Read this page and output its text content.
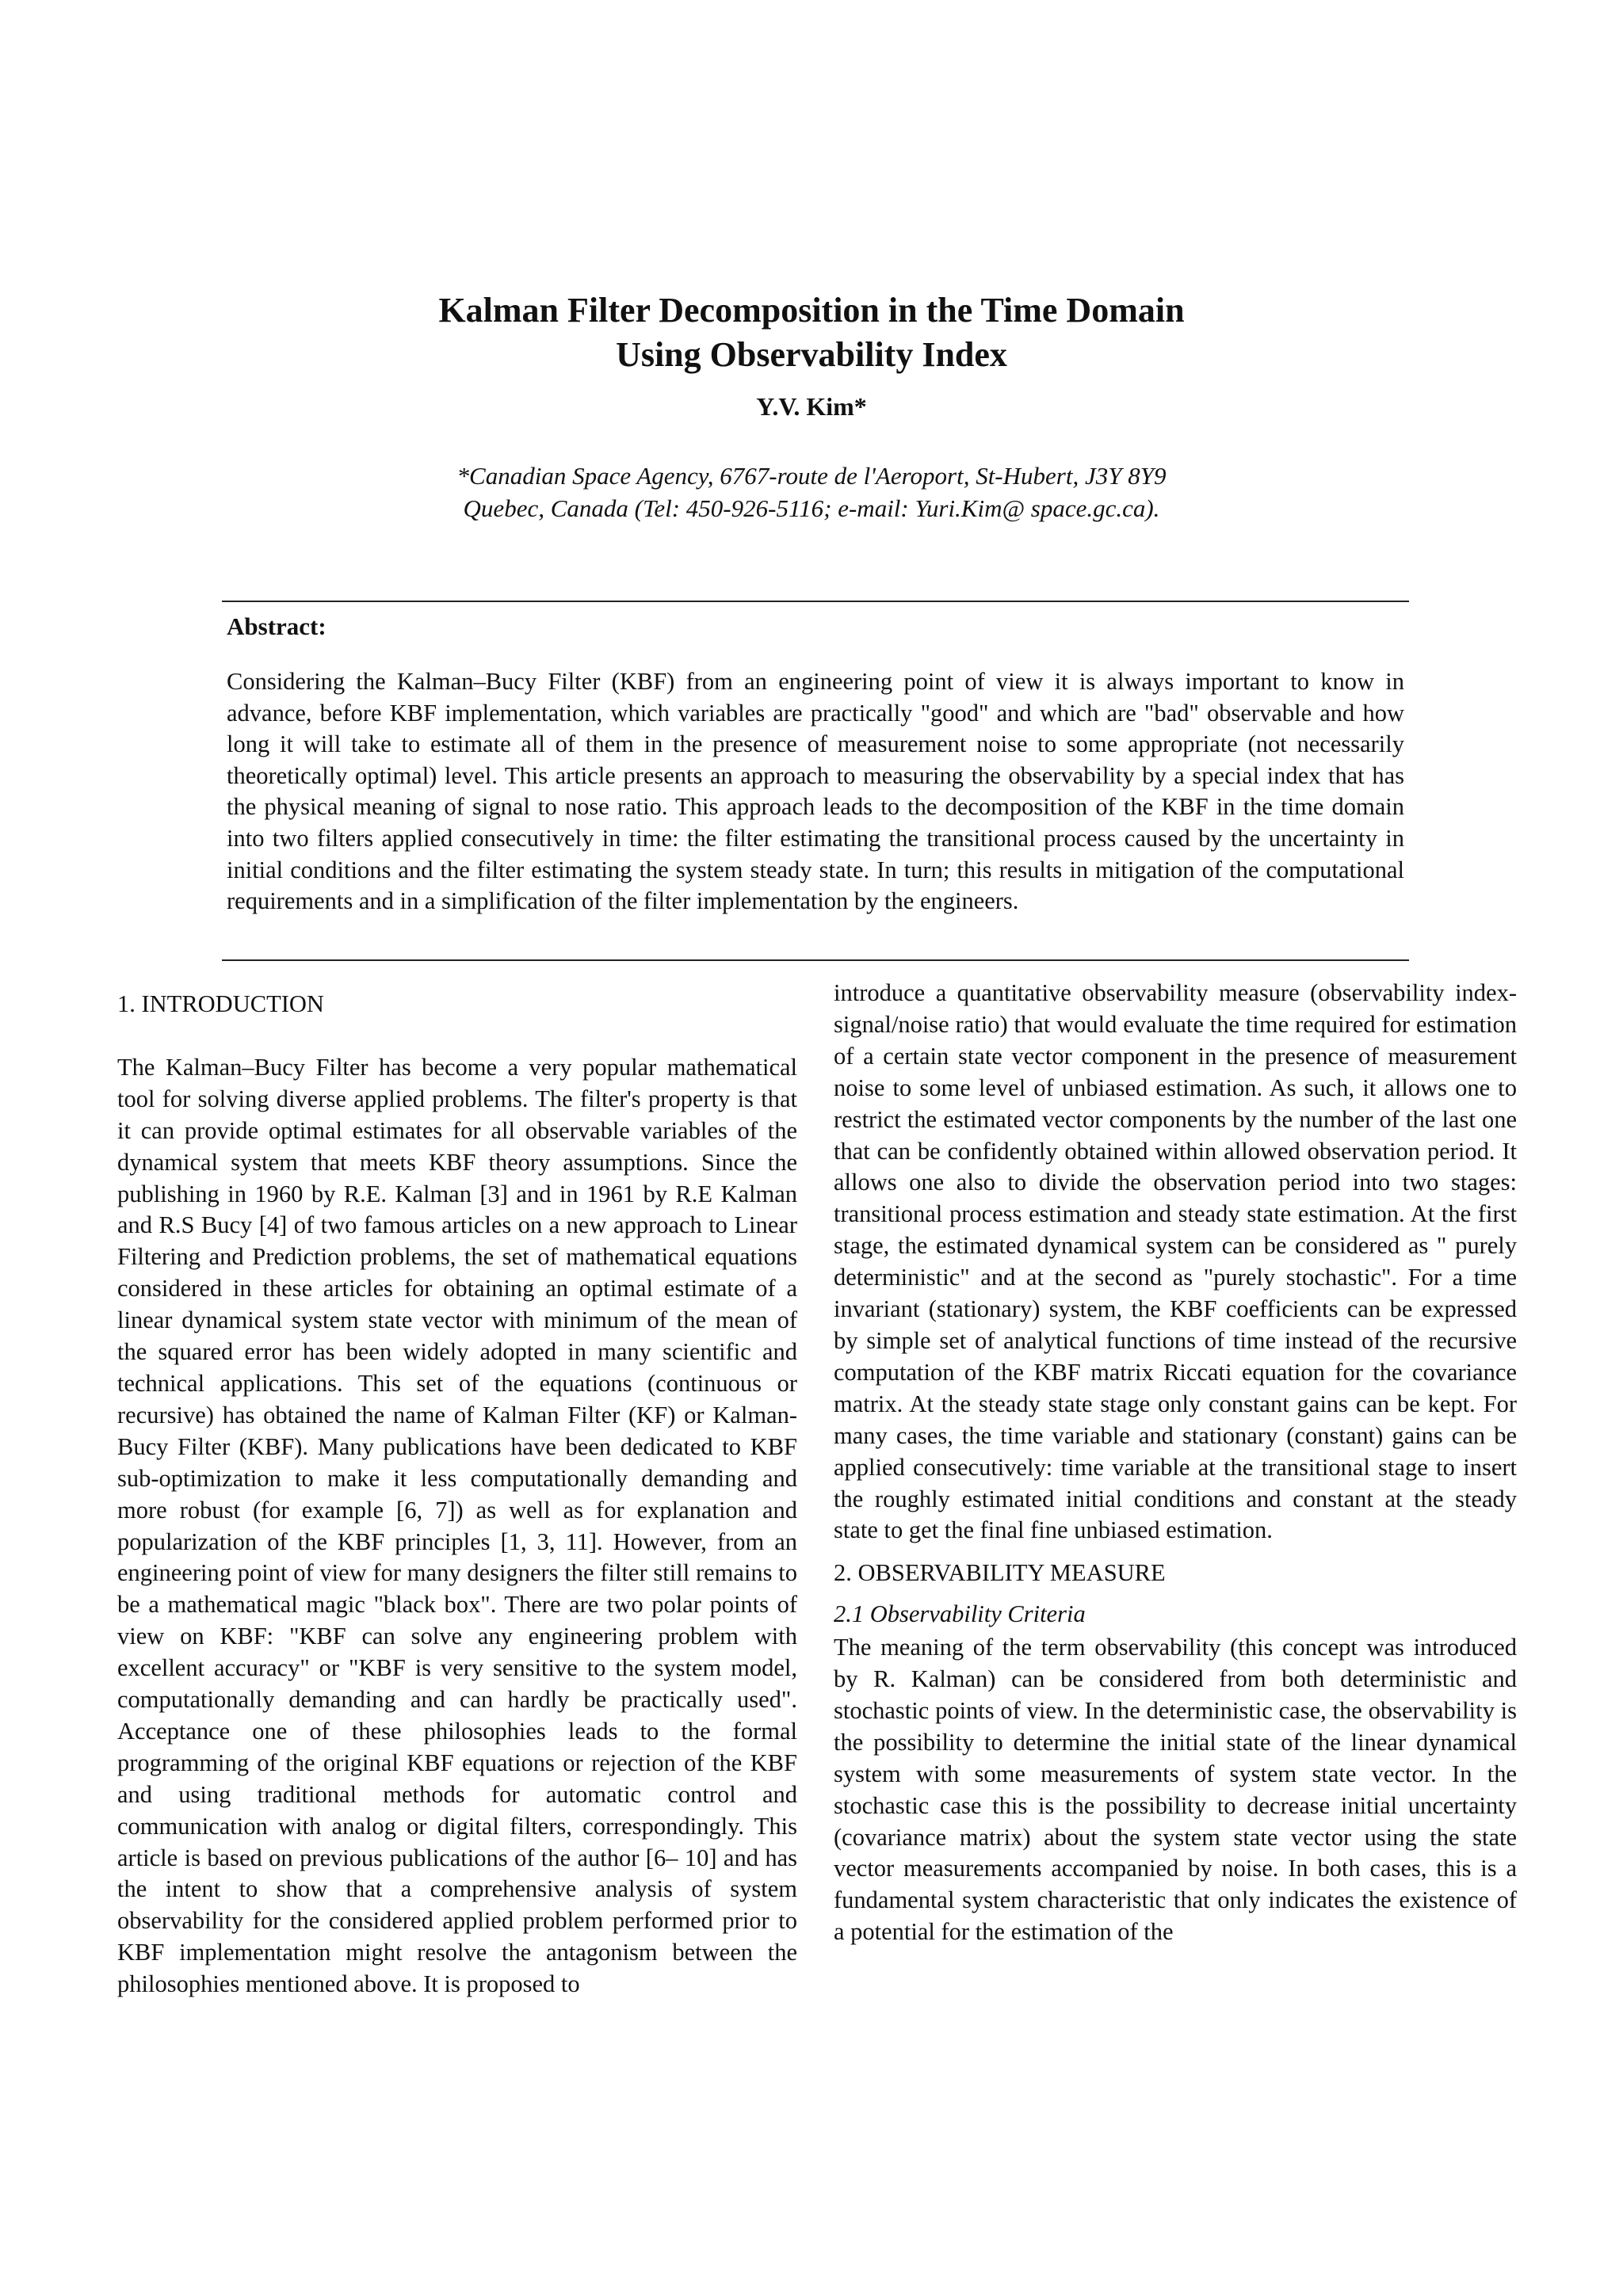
Kalman Filter Decomposition in the Time Domain
Using Observability Index
Y.V. Kim*
*Canadian Space Agency, 6767-route de l'Aeroport, St-Hubert, J3Y 8Y9
Quebec, Canada (Tel: 450-926-5116; e-mail: Yuri.Kim@ space.gc.ca).
Abstract:

Considering the Kalman–Bucy Filter (KBF) from an engineering point of view it is always important to know in advance, before KBF implementation, which variables are practically "good" and which are "bad" observable and how long it will take to estimate all of them in the presence of measurement noise to some appropriate (not necessarily theoretically optimal) level. This article presents an approach to measuring the observability by a special index that has the physical meaning of signal to nose ratio. This approach leads to the decomposition of the KBF in the time domain into two filters applied consecutively in time: the filter estimating the transitional process caused by the uncertainty in initial conditions and the filter estimating the system steady state. In turn; this results in mitigation of the computational requirements and in a simplification of the filter implementation by the engineers.

1. INTRODUCTION

The Kalman–Bucy Filter has become a very popular mathematical tool for solving diverse applied problems. The filter's property is that it can provide optimal estimates for all observable variables of the dynamical system that meets KBF theory assumptions. Since the publishing in 1960 by R.E. Kalman [3] and in 1961 by R.E Kalman and R.S Bucy [4] of two famous articles on a new approach to Linear Filtering and Prediction problems, the set of mathematical equations considered in these articles for obtaining an optimal estimate of a linear dynamical system state vector with minimum of the mean of the squared error has been widely adopted in many scientific and technical applications. This set of the equations (continuous or recursive) has obtained the name of Kalman Filter (KF) or Kalman-Bucy Filter (KBF). Many publications have been dedicated to KBF sub-optimization to make it less computationally demanding and more robust (for example [6, 7]) as well as for explanation and popularization of the KBF principles [1, 3, 11]. However, from an engineering point of view for many designers the filter still remains to be a mathematical magic "black box". There are two polar points of view on KBF: "KBF can solve any engineering problem with excellent accuracy" or "KBF is very sensitive to the system model, computationally demanding and can hardly be practically used". Acceptance one of these philosophies leads to the formal programming of the original KBF equations or rejection of the KBF and using traditional methods for automatic control and communication with analog or digital filters, correspondingly. This article is based on previous publications of the author [6– 10] and has the intent to show that a comprehensive analysis of system observability for the considered applied problem performed prior to KBF implementation might resolve the antagonism between the philosophies mentioned above. It is proposed to

introduce a quantitative observability measure (observability index-signal/noise ratio) that would evaluate the time required for estimation of a certain state vector component in the presence of measurement noise to some level of unbiased estimation. As such, it allows one to restrict the estimated vector components by the number of the last one that can be confidently obtained within allowed observation period. It allows one also to divide the observation period into two stages: transitional process estimation and steady state estimation. At the first stage, the estimated dynamical system can be considered as " purely deterministic" and at the second as "purely stochastic". For a time invariant (stationary) system, the KBF coefficients can be expressed by simple set of analytical functions of time instead of the recursive computation of the KBF matrix Riccati equation for the covariance matrix. At the steady state stage only constant gains can be kept. For many cases, the time variable and stationary (constant) gains can be applied consecutively: time variable at the transitional stage to insert the roughly estimated initial conditions and constant at the steady state to get the final fine unbiased estimation.

2. OBSERVABILITY MEASURE
2.1 Observability Criteria

The meaning of the term observability (this concept was introduced by R. Kalman) can be considered from both deterministic and stochastic points of view. In the deterministic case, the observability is the possibility to determine the initial state of the linear dynamical system with some measurements of system state vector. In the stochastic case this is the possibility to decrease initial uncertainty (covariance matrix) about the system state vector using the state vector measurements accompanied by noise. In both cases, this is a fundamental system characteristic that only indicates the existence of a potential for the estimation of the
